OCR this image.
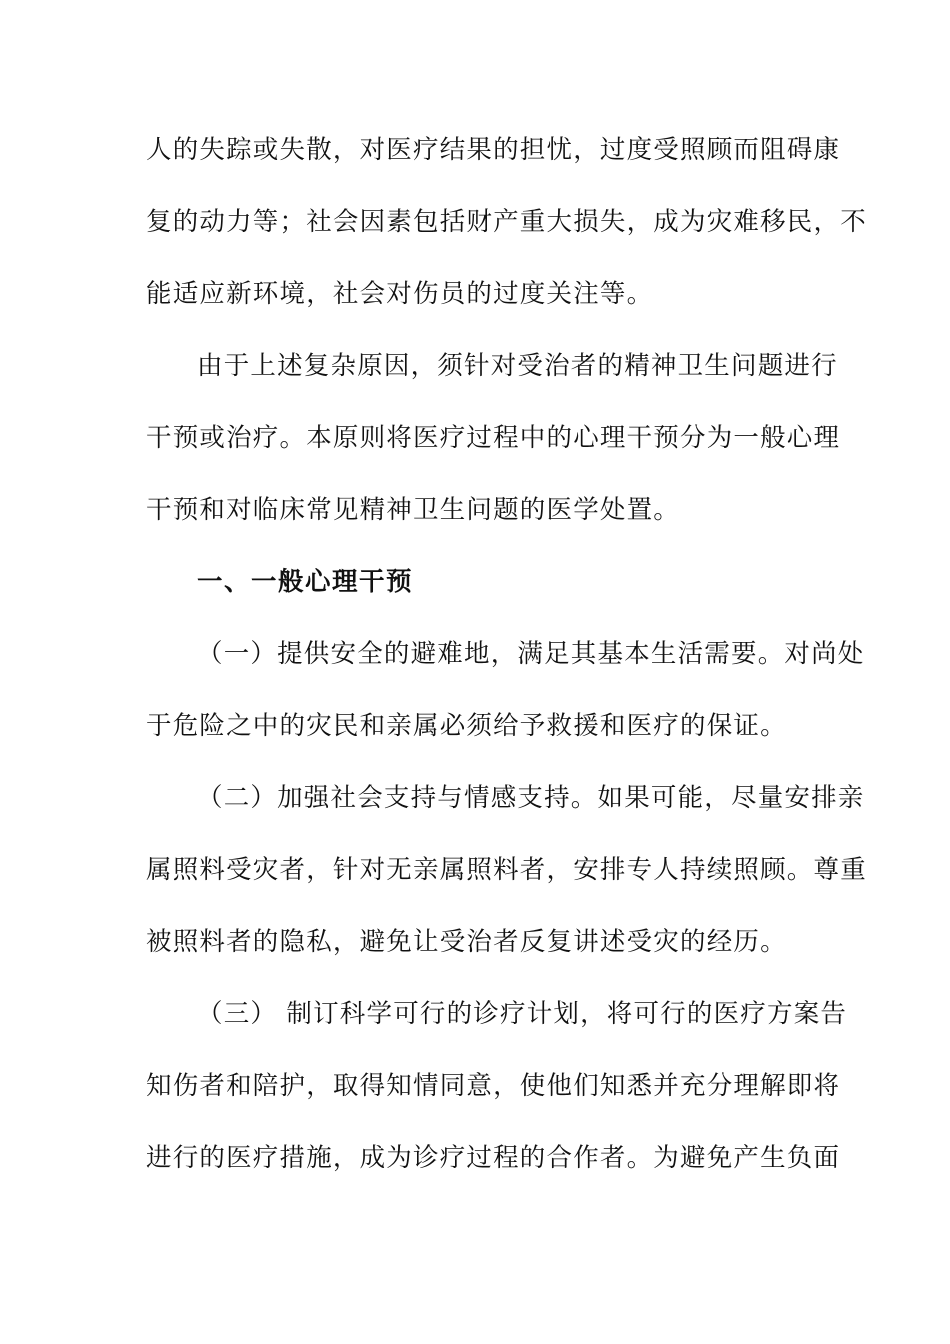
人的失踪或失散，对医疗结果的担忧，过度受照顾而阻碍康
复的动力等；社会因素包括财产重大损失，成为灾难移民，不
能适应新环境，社会对伤员的过度关注等。
由于上述复杂原因，须针对受治者的精神卫生问题进行
干预或治疗。本原则将医疗过程中的心理干预分为一般心理
干预和对临床常见精神卫生问题的医学处置。
一、一般心理干预
（一）提供安全的避难地，满足其基本生活需要。对尚处
于危险之中的灾民和亲属必须给予救援和医疗的保证。
（二）加强社会支持与情感支持。如果可能，尽量安排亲
属照料受灾者，针对无亲属照料者，安排专人持续照顾。尊重
被照料者的隐私，避免让受治者反复讲述受灾的经历。
（三） 制订科学可行的诊疗计划，将可行的医疗方案告
知伤者和陪护，取得知情同意，使他们知悉并充分理解即将
进行的医疗措施，成为诊疗过程的合作者。为避免产生负面
